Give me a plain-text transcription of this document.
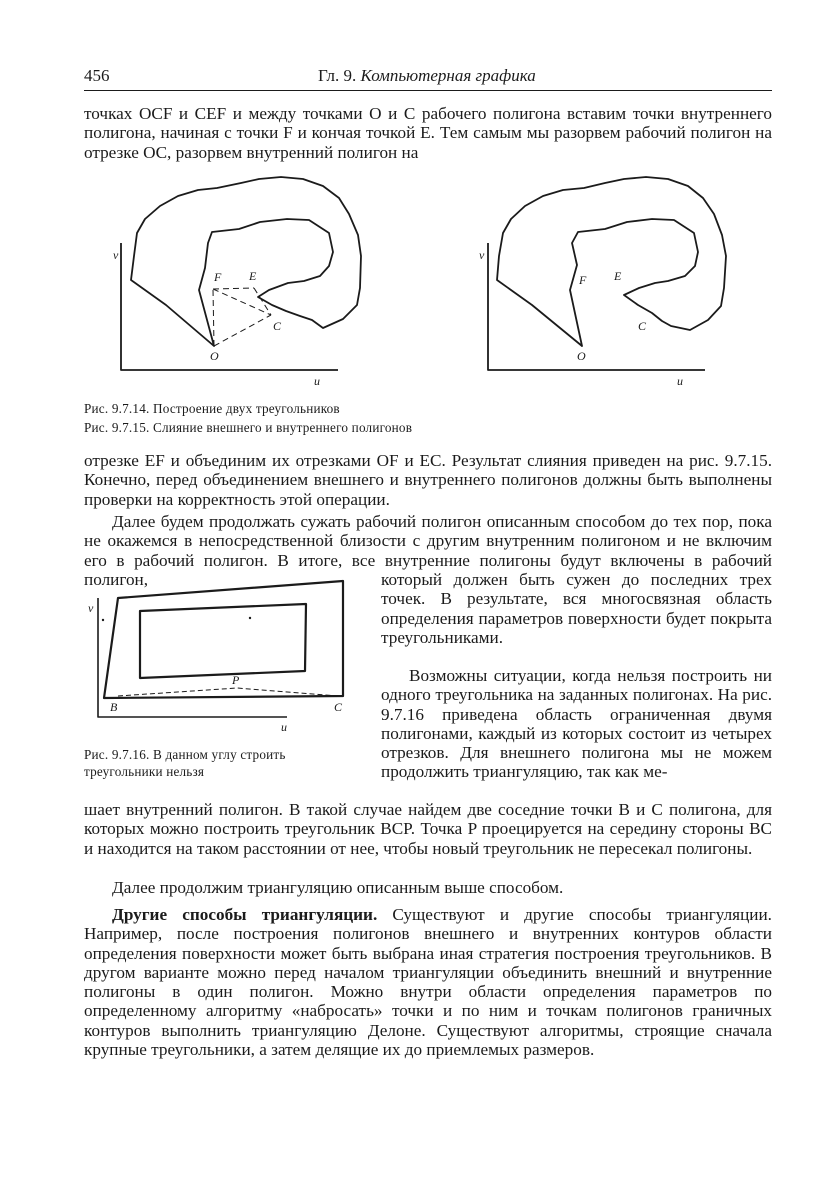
456	Гл. 9. Компьютерная графика

точках OCF и CEF и между точками O и C рабочего полигона вставим точки внутреннего полигона, начиная с точки F и кончая точкой E. Тем самым мы разорвем рабочий полигон на отрезке OC, разорвем внутренний полигон на

v
u
F E
C
O
v
u
F E
C
O

Рис. 9.7.14. Построение двух треугольников

Рис. 9.7.15. Слияние внешнего и внутреннего полигонов

отрезке EF и объединим их отрезками OF и EC. Результат слияния приведен на рис. 9.7.15. Конечно, перед объединением внешнего и внутреннего полигонов должны быть выполнены проверки на корректность этой операции.

Далее будем продолжать сужать рабочий полигон описанным способом до тех пор, пока не окажемся в непосредственной близости с другим внутренним полигоном и не включим его в рабочий полигон. В итоге, все внутренние полигоны будут включены в рабочий полигон,

v
u
B	C
P

Рис. 9.7.16. В данном углу строить

треугольники нельзя

который должен быть сужен до последних трех точек. В результате, вся многосвязная область определения параметров поверхности будет покрыта треугольниками.

Возможны ситуации, когда нельзя построить ни одного треугольника на заданных полигонах. На рис. 9.7.16 приведена область ограниченная двумя полигонами, каждый из которых состоит из четырех отрезков. Для внешнего полигона мы не можем продолжить триангуляцию, так как ме-

шает внутренний полигон. В такой случае найдем две соседние точки B и C полигона, для которых можно построить треугольник BCP. Точка P проецируется на середину стороны BC и находится на таком расстоянии от нее, чтобы новый треугольник не пересекал полигоны.

Далее продолжим триангуляцию описанным выше способом.

Другие способы триангуляции. Существуют и другие способы триангуляции. Например, после построения полигонов внешнего и внутренних контуров области определения поверхности может быть выбрана иная стратегия построения треугольников. В другом варианте можно перед началом триангуляции объединить внешний и внутренние полигоны в один полигон. Можно внутри области определения параметров по определенному алгоритму «набросать» точки и по ним и точкам полигонов граничных контуров выполнить триангуляцию Делоне. Существуют алгоритмы, строящие сначала крупные треугольники, а затем делящие их до приемлемых размеров.
